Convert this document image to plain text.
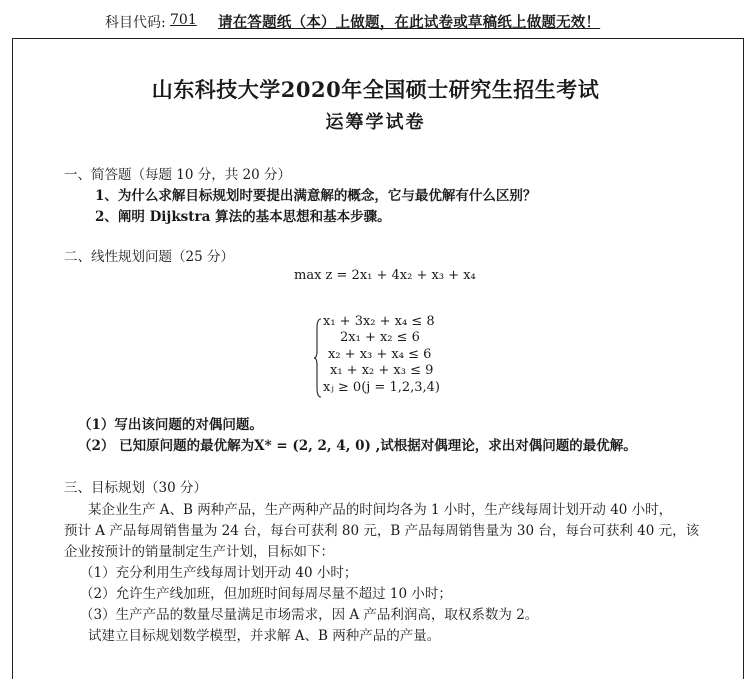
科目代码: 701 请在答题纸（本）上做题，在此试卷或草稿纸上做题无效！
山东科技大学2020年全国硕士研究生招生考试
运筹学试卷
一、简答题（每题 10 分，共 20 分）
1、为什么求解目标规划时要提出满意解的概念，它与最优解有什么区别？
2、阐明 Dijkstra 算法的基本思想和基本步骤。
二、线性规划问题（25 分）
max z = 2x₁ + 4x₂ + x₃ + x₄
x₁ + 3x₂ + x₄ ≤ 8
2x₁ + x₂ ≤ 6
x₂ + x₃ + x₄ ≤ 6
x₁ + x₂ + x₃ ≤ 9
xⱼ ≥ 0(j = 1,2,3,4)
（1）写出该问题的对偶问题。
（2） 已知原问题的最优解为X* = (2, 2, 4, 0) ,试根据对偶理论，求出对偶问题的最优解。
三、目标规划（30 分）
某企业生产 A、B 两种产品，生产两种产品的时间均各为 1 小时，生产线每周计划开动 40 小时，
预计 A 产品每周销售量为 24 台，每台可获利 80 元，B 产品每周销售量为 30 台，每台可获利 40 元，该
企业按预计的销量制定生产计划，目标如下：
（1）充分利用生产线每周计划开动 40 小时；
（2）允许生产线加班，但加班时间每周尽量不超过 10 小时；
（3）生产产品的数量尽量满足市场需求，因 A 产品利润高，取权系数为 2。
试建立目标规划数学模型，并求解 A、B 两种产品的产量。
